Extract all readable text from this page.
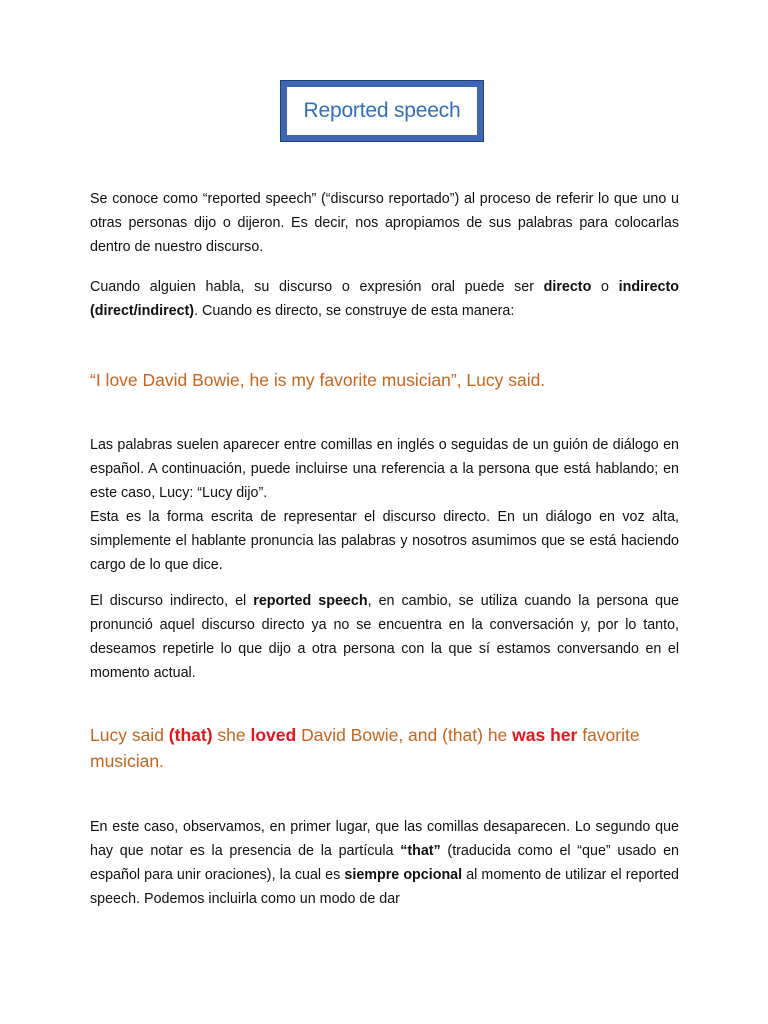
Reported speech

Se conoce como “reported speech” (“discurso reportado”) al proceso de referir lo que uno u otras personas dijo o dijeron. Es decir, nos apropiamos de sus palabras para colocarlas dentro de nuestro discurso.

Cuando alguien habla, su discurso o expresión oral puede ser directo o indirecto (direct/indirect). Cuando es directo, se construye de esta manera:

“I love David Bowie, he is my favorite musician”, Lucy said.

Las palabras suelen aparecer entre comillas en inglés o seguidas de un guión de diálogo en español. A continuación, puede incluirse una referencia a la persona que está hablando; en este caso, Lucy: “Lucy dijo”.
Esta es la forma escrita de representar el discurso directo. En un diálogo en voz alta, simplemente el hablante pronuncia las palabras y nosotros asumimos que se está haciendo cargo de lo que dice.

El discurso indirecto, el reported speech, en cambio, se utiliza cuando la persona que pronunció aquel discurso directo ya no se encuentra en la conversación y, por lo tanto, deseamos repetirle lo que dijo a otra persona con la que sí estamos conversando en el momento actual.

Lucy said (that) she loved David Bowie, and (that) he was her favorite musician.

En este caso, observamos, en primer lugar, que las comillas desaparecen. Lo segundo que hay que notar es la presencia de la partícula “that” (traducida como el “que” usado en español para unir oraciones), la cual es siempre opcional al momento de utilizar el reported speech. Podemos incluirla como un modo de dar
